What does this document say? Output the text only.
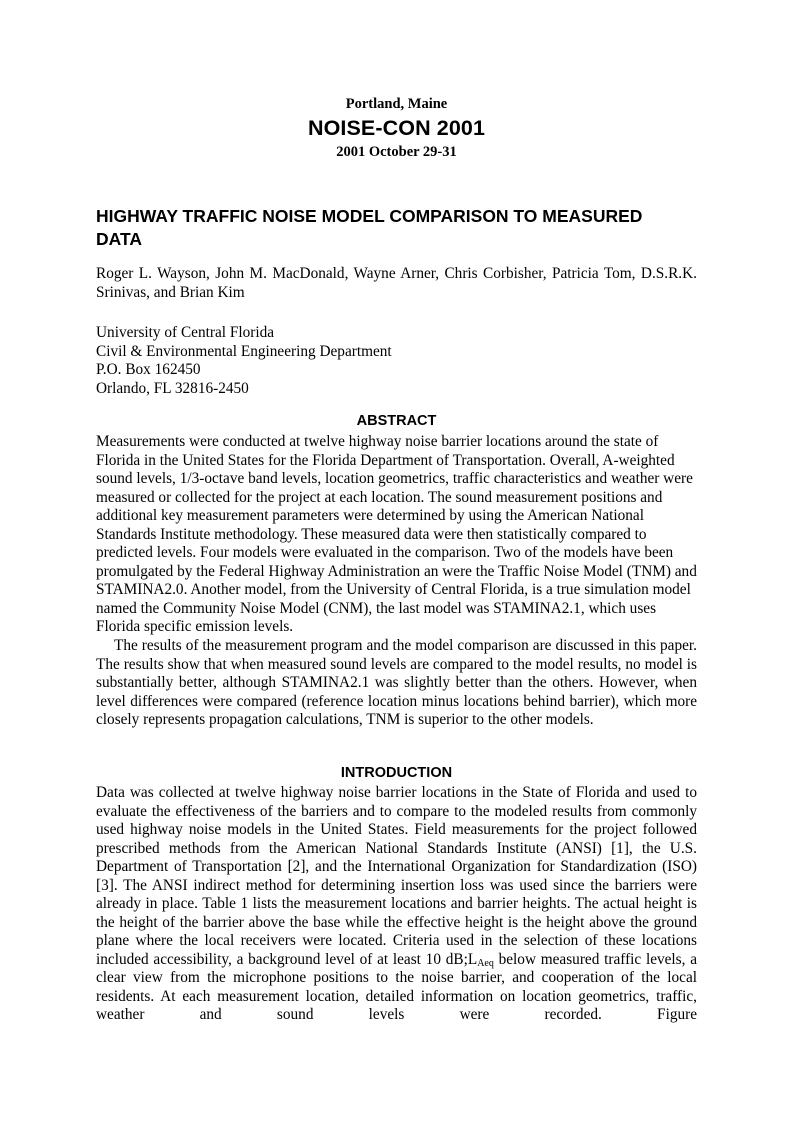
Portland, Maine
NOISE-CON 2001
2001 October 29-31
HIGHWAY TRAFFIC NOISE MODEL COMPARISON TO MEASURED
DATA
Roger L. Wayson, John M. MacDonald, Wayne Arner, Chris Corbisher, Patricia Tom, D.S.R.K. Srinivas, and Brian Kim
University of Central Florida
Civil & Environmental Engineering Department
P.O. Box 162450
Orlando, FL 32816-2450
ABSTRACT

Measurements were conducted at twelve highway noise barrier locations around the state of Florida in the United States for the Florida Department of Transportation. Overall, A-weighted sound levels, 1/3-octave band levels, location geometrics, traffic characteristics and weather were measured or collected for the project at each location. The sound measurement positions and additional key measurement parameters were determined by using the American National Standards Institute methodology. These measured data were then statistically compared to predicted levels. Four models were evaluated in the comparison. Two of the models have been promulgated by the Federal Highway Administration an were the Traffic Noise Model (TNM) and STAMINA2.0. Another model, from the University of Central Florida, is a true simulation model named the Community Noise Model (CNM), the last model was STAMINA2.1, which uses Florida specific emission levels.

The results of the measurement program and the model comparison are discussed in this paper. The results show that when measured sound levels are compared to the model results, no model is substantially better, although STAMINA2.1 was slightly better than the others. However, when level differences were compared (reference location minus locations behind barrier), which more closely represents propagation calculations, TNM is superior to the other models.

INTRODUCTION

Data was collected at twelve highway noise barrier locations in the State of Florida and used to evaluate the effectiveness of the barriers and to compare to the modeled results from commonly used highway noise models in the United States. Field measurements for the project followed prescribed methods from the American National Standards Institute (ANSI) [1], the U.S. Department of Transportation [2], and the International Organization for Standardization (ISO) [3]. The ANSI indirect method for determining insertion loss was used since the barriers were already in place. Table 1 lists the measurement locations and barrier heights. The actual height is the height of the barrier above the base while the effective height is the height above the ground plane where the local receivers were located. Criteria used in the selection of these locations included accessibility, a background level of at least 10 $dB;L_{Aeq}$ below measured traffic levels, a clear view from the microphone positions to the noise barrier, and cooperation of the local residents. At each measurement location, detailed information on location geometrics, traffic, weather and sound levels were recorded. Figure
